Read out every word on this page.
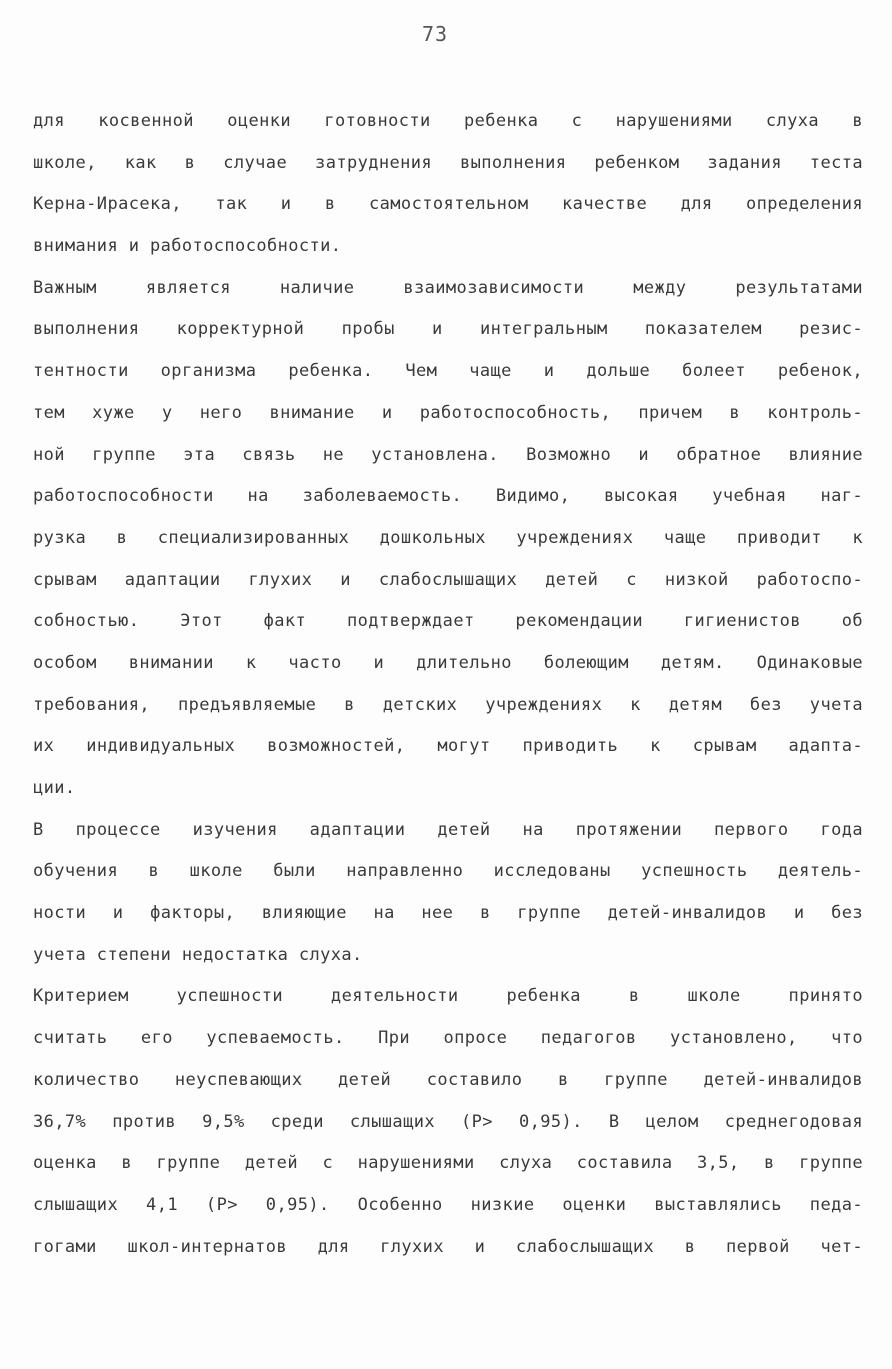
73
для косвенной оценки готовности ребенка с нарушениями слуха в
школе, как в случае затруднения выполнения ребенком задания теста
Керна-Ирасека, так и в самостоятельном качестве для определения
внимания и работоспособности.
Важным является наличие взаимозависимости между результатами
выполнения корректурной пробы и интегральным показателем резис-
тентности организма ребенка. Чем чаще и дольше болеет ребенок,
тем хуже у него внимание и работоспособность, причем в контроль-
ной группе эта связь не установлена. Возможно и обратное влияние
работоспособности на заболеваемость. Видимо, высокая учебная наг-
рузка в специализированных дошкольных учреждениях чаще приводит к
срывам адаптации глухих и слабослышащих детей с низкой работоспо-
собностью. Этот факт подтверждает рекомендации гигиенистов об
особом внимании к часто и длительно болеющим детям. Одинаковые
требования, предъявляемые в детских учреждениях к детям без учета
их индивидуальных возможностей, могут приводить к срывам адапта-
ции.
В процессе изучения адаптации детей на протяжении первого года
обучения в школе были направленно исследованы успешность деятель-
ности и факторы, влияющие на нее в группе детей-инвалидов и без
учета степени недостатка слуха.
Критерием успешности деятельности ребенка в школе принято
считать его успеваемость. При опросе педагогов установлено, что
количество неуспевающих детей составило в группе детей-инвалидов
36,7% против 9,5% среди слышащих (Р> 0,95). В целом среднегодовая
оценка в группе детей с нарушениями слуха составила 3,5, в группе
слышащих 4,1 (Р> 0,95). Особенно низкие оценки выставлялись педа-
гогами школ-интернатов для глухих и слабослышащих в первой чет-
